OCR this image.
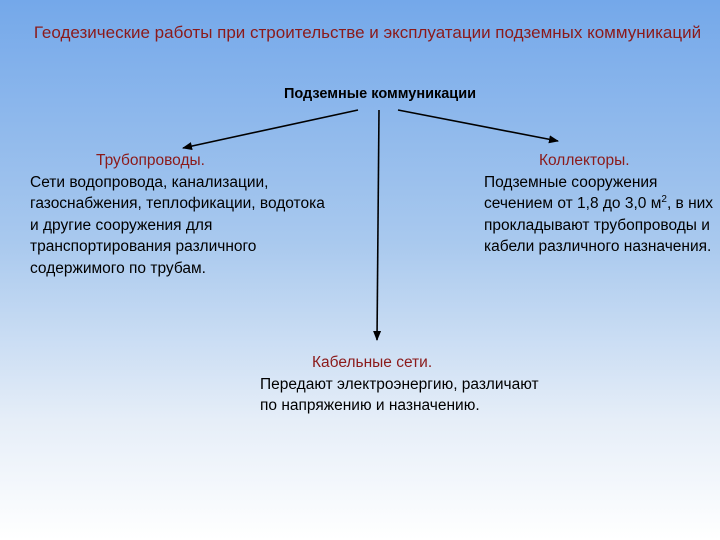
Геодезические работы при строительстве и эксплуатации подземных коммуникаций
Подземные коммуникации
Трубопроводы.
Сети водопровода, канализации, газоснабжения, теплофикации, водотока и другие сооружения для транспортирования различного содержимого по трубам.
Коллекторы.
Подземные сооружения сечением от 1,8 до 3,0 $м^2$, в них прокладывают трубопроводы и кабели различного назначения.
Кабельные сети.
Передают электроэнергию, различают по напряжению и назначению.
